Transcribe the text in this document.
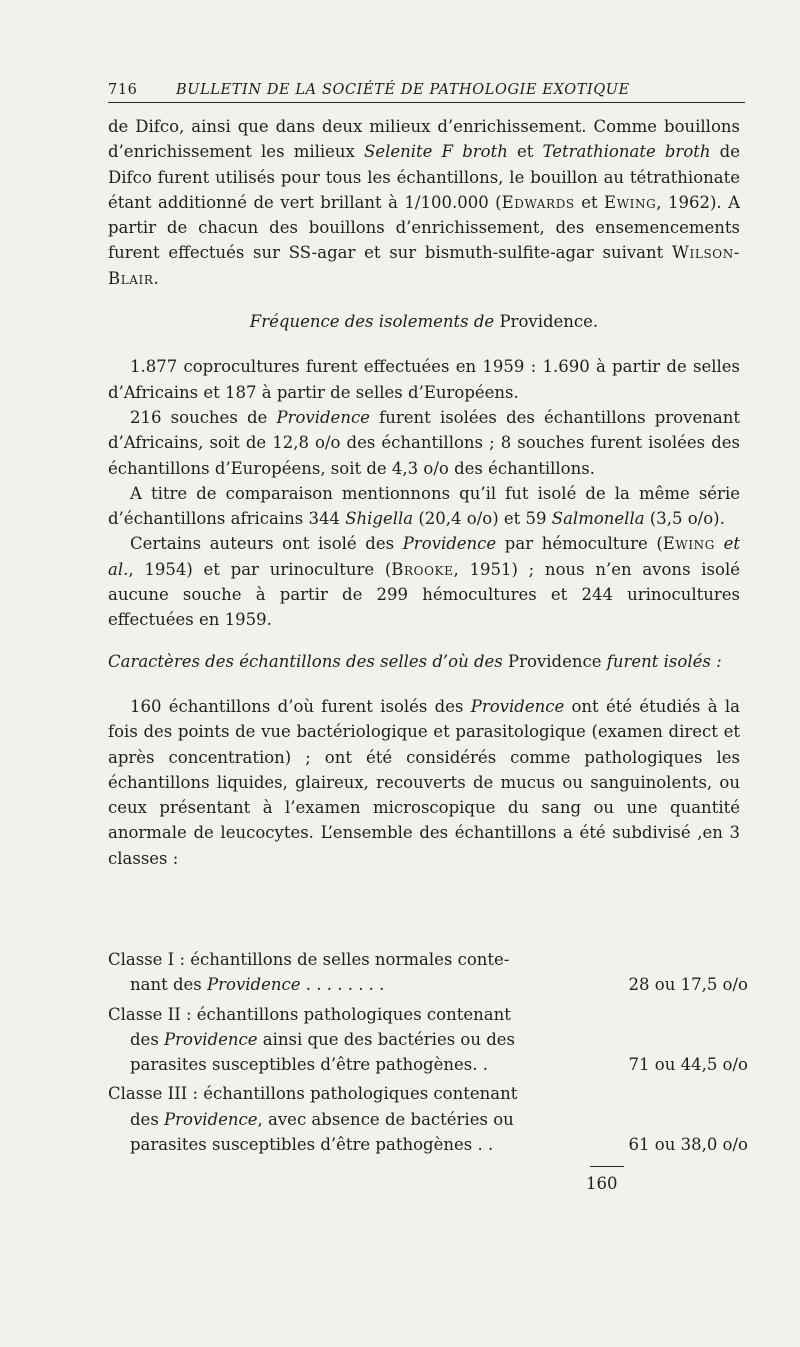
716	BULLETIN DE LA SOCIÉTÉ DE PATHOLOGIE EXOTIQUE

de Difco, ainsi que dans deux milieux d’enrichissement. Comme bouillons d’enrichissement les milieux Selenite F broth et Tetrathionate broth de Difco furent utilisés pour tous les échantillons, le bouillon au tétrathionate étant additionné de vert brillant à 1/100.000 (Edwards et Ewing, 1962). A partir de chacun des bouillons d’enrichissement, des ensemencements furent effectués sur SS-agar et sur bismuth-sulfite-agar suivant Wilson-Blair.

Fréquence des isolements de Providence.

1.877 coprocultures furent effectuées en 1959 : 1.690 à partir de selles d’Africains et 187 à partir de selles d’Européens.

216 souches de Providence furent isolées des échantillons provenant d’Africains, soit de 12,8 o/o des échantillons ; 8 souches furent isolées des échantillons d’Européens, soit de 4,3 o/o des échantillons.

A titre de comparaison mentionnons qu’il fut isolé de la même série d’échantillons africains 344 Shigella (20,4 o/o) et 59 Salmonella (3,5 o/o).

Certains auteurs ont isolé des Providence par hémoculture (Ewing et al., 1954) et par urinoculture (Brooke, 1951) ; nous n’en avons isolé aucune souche à partir de 299 hémocultures et 244 urinocultures effectuées en 1959.

Caractères des échantillons des selles d’où des Providence furent isolés :

160 échantillons d’où furent isolés des Providence ont été étudiés à la fois des points de vue bactériologique et parasitologique (examen direct et après concentration) ; ont été considérés comme pathologiques les échantillons liquides, glaireux, recouverts de mucus ou sanguinolents, ou ceux présentant à l’examen microscopique du sang ou une quantité anormale de leucocytes. L’ensemble des échantillons a été subdivisé ,en 3 classes :

Classe I : échantillons de selles normales conte-

nant des Providence . . . . . . . .	28 ou 17,5 o/o
Classe II : échantillons pathologiques contenant

des Providence ainsi que des bactéries ou des
parasites susceptibles d’être pathogènes. .	71 ou 44,5 o/o
Classe III : échantillons pathologiques contenant

des Providence, avec absence de bactéries ou
parasites susceptibles d’être pathogènes . .	61 ou 38,0 o/o
160
